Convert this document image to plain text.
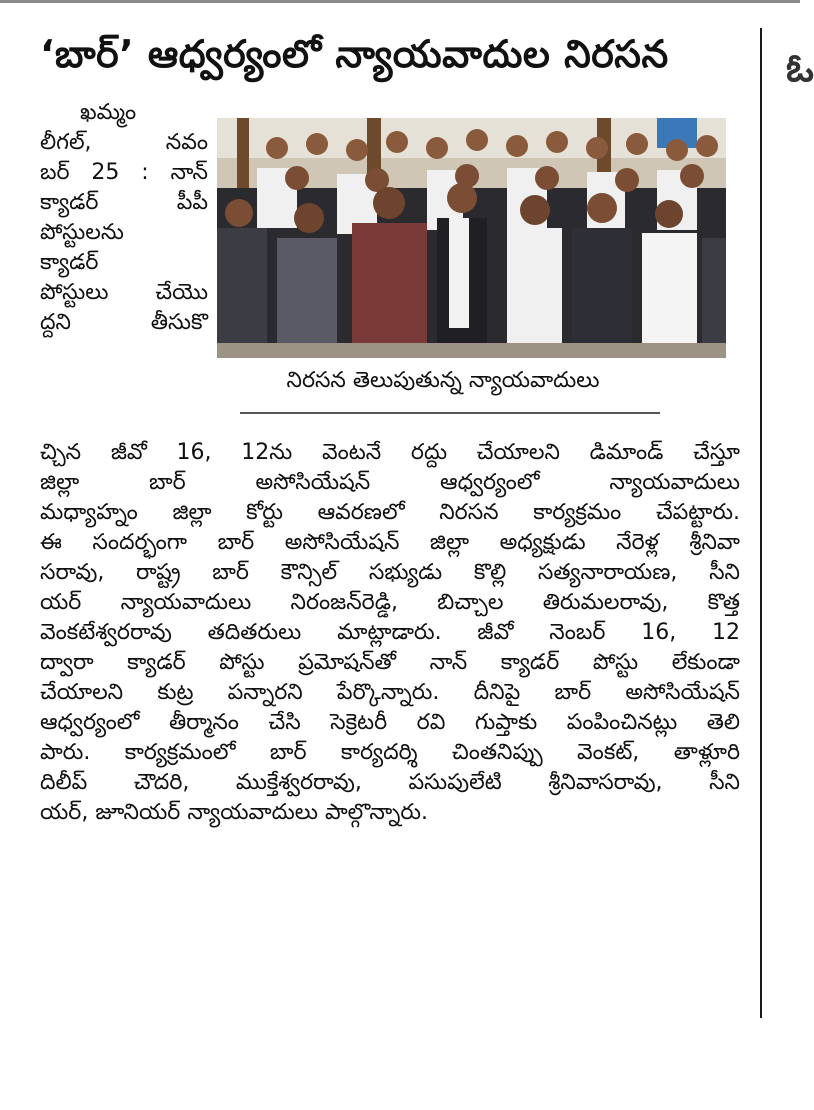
‘బార్’ ఆధ్వర్యంలో న్యాయవాదుల నిరసన
ఖమ్మం
లీగల్, నవం
బర్ 25 : నాన్
క్యాడర్ పీపీ
పోస్టులను
క్యాడర్
పోస్టులు చేయొ
ద్దని తీసుకొ
నిరసన తెలుపుతున్న న్యాయవాదులు
చ్చిన జీవో 16, 12ను వెంటనే రద్దు చేయాలని డిమాండ్ చేస్తూ
జిల్లా బార్ అసోసియేషన్ ఆధ్వర్యంలో న్యాయవాదులు
మధ్యాహ్నం జిల్లా కోర్టు ఆవరణలో నిరసన కార్యక్రమం చేపట్టారు.
ఈ సందర్భంగా బార్ అసోసియేషన్ జిల్లా అధ్యక్షుడు నేరెళ్ల శ్రీనివా
సరావు, రాష్ట్ర బార్ కౌన్సిల్ సభ్యుడు కొల్లి సత్యనారాయణ, సీని
యర్ న్యాయవాదులు నిరంజన్‌రెడ్డి, బిచ్చాల తిరుమలరావు, కొత్త
వెంకటేశ్వరరావు తదితరులు మాట్లాడారు. జీవో నెంబర్ 16, 12
ద్వారా క్యాడర్ పోస్టు ప్రమోషన్‌తో నాన్ క్యాడర్ పోస్టు లేకుండా
చేయాలని కుట్ర పన్నారని పేర్కొన్నారు. దీనిపై బార్ అసోసియేషన్
ఆధ్వర్యంలో తీర్మానం చేసి సెక్రెటరీ రవి గుప్తాకు పంపించినట్లు తెలి
పారు. కార్యక్రమంలో బార్ కార్యదర్శి చింతనిప్పు వెంకట్, తాళ్లూరి
దిలీప్ చౌదరి, ముక్తేశ్వరరావు, పసుపులేటి శ్రీనివాసరావు, సీని
యర్, జూనియర్ న్యాయవాదులు పాల్గొన్నారు.
ఓ
